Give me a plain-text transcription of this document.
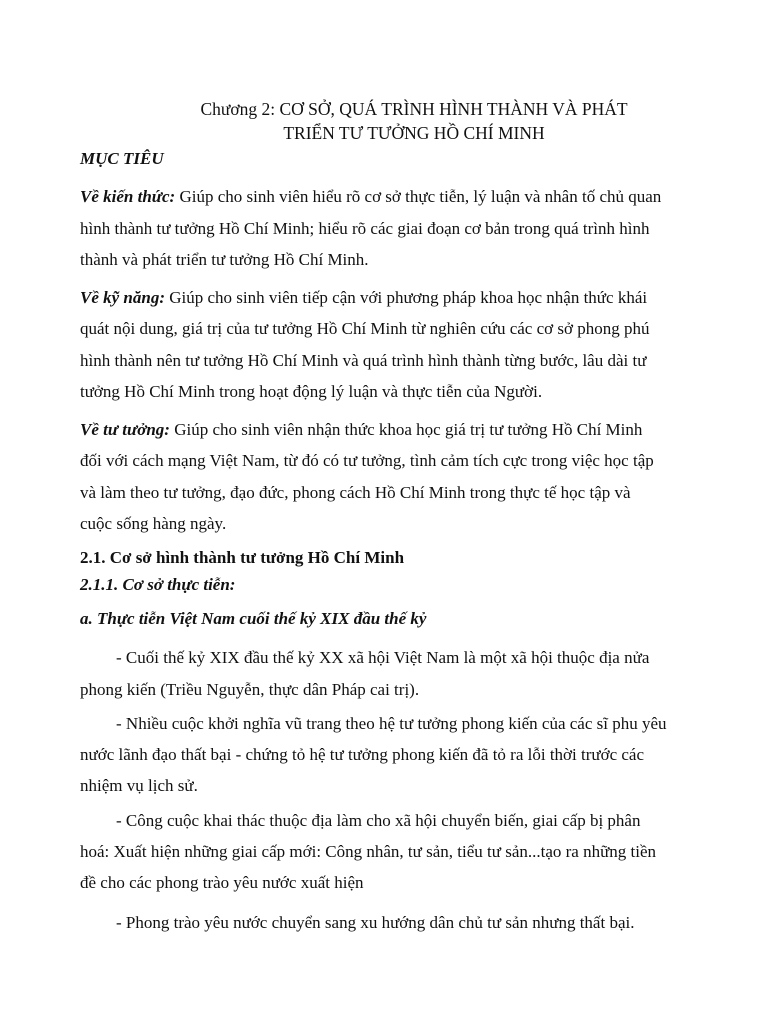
Chương 2: CƠ SỞ, QUÁ TRÌNH HÌNH THÀNH VÀ PHÁT
TRIỂN TƯ TƯỞNG HỒ CHÍ MINH
MỤC TIÊU
Về kiến thức: Giúp cho sinh viên hiểu rõ cơ sở thực tiễn, lý luận và nhân tố chủ quan
hình thành tư tưởng Hồ Chí Minh; hiểu rõ các giai đoạn cơ bản trong quá trình hình
thành và phát triển tư tưởng Hồ Chí Minh.
Về kỹ năng: Giúp cho sinh viên tiếp cận với phương pháp khoa học nhận thức khái
quát nội dung, giá trị của tư tưởng Hồ Chí Minh từ nghiên cứu các cơ sở phong phú
hình thành nên tư tưởng Hồ Chí Minh và quá trình hình thành từng bước, lâu dài tư
tưởng Hồ Chí Minh trong hoạt động lý luận và thực tiễn của Người.
Về tư tưởng: Giúp cho sinh viên nhận thức khoa học giá trị tư tưởng Hồ Chí Minh
đối với cách mạng Việt Nam, từ đó có tư tưởng, tình cảm tích cực trong việc học tập
và làm theo tư tưởng, đạo đức, phong cách Hồ Chí Minh trong thực tế học tập và
cuộc sống hàng ngày.
2.1. Cơ sở hình thành tư tưởng Hồ Chí Minh
2.1.1. Cơ sở thực tiễn:
a. Thực tiễn Việt Nam cuối thế kỷ XIX đầu thế kỷ
- Cuối thế kỷ XIX đầu thế kỷ XX xã hội Việt Nam là một xã hội thuộc địa nửa
phong kiến (Triều Nguyễn, thực dân Pháp cai trị).
- Nhiều cuộc khởi nghĩa vũ trang theo hệ tư tưởng phong kiến của các sĩ phu yêu
nước lãnh đạo thất bại - chứng tỏ hệ tư tưởng phong kiến đã tỏ ra lỗi thời trước các
nhiệm vụ lịch sử.
- Công cuộc khai thác thuộc địa làm cho xã hội chuyển biến, giai cấp bị phân
hoá: Xuất hiện những giai cấp mới: Công nhân, tư sản, tiểu tư sản...tạo ra những tiền
đề cho các phong trào yêu nước xuất hiện
- Phong trào yêu nước chuyển sang xu hướng dân chủ tư sản nhưng thất bại.
